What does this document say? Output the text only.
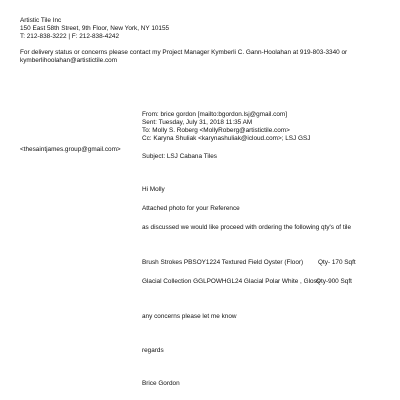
Artistic Tile Inc
150 East 58th Street, 9th Floor, New York, NY 10155
T: 212-838-3222 | F: 212-838-4242
For delivery status or concerns please contact my Project Manager Kymberli C. Gann-Hoolahan at 919-803-3340 or
kymberlihoolahan@artistictile.com
From: brice gordon [mailto:bgordon.lsj@gmail.com]
Sent: Tuesday, July 31, 2018 11:35 AM
To: Molly S. Roberg <MollyRoberg@artistictile.com>
Cc: Karyna Shuliak <karynashuliak@icloud.com>; LSJ GSJ
<thesaintjames.group@gmail.com>
Subject: LSJ Cabana Tiles
Hi Molly
Attached photo for your Reference
as discussed we would like proceed with ordering the following qty's of tile
Brush Strokes PBSOY1224 Textured Field Oyster (Floor) Qty- 170 Sqft
Glacial Collection GGLPOWHGL24 Glacial Polar White , Gloss
Qty-900 Sqft
any concerns please let me know
regards
Brice Gordon
